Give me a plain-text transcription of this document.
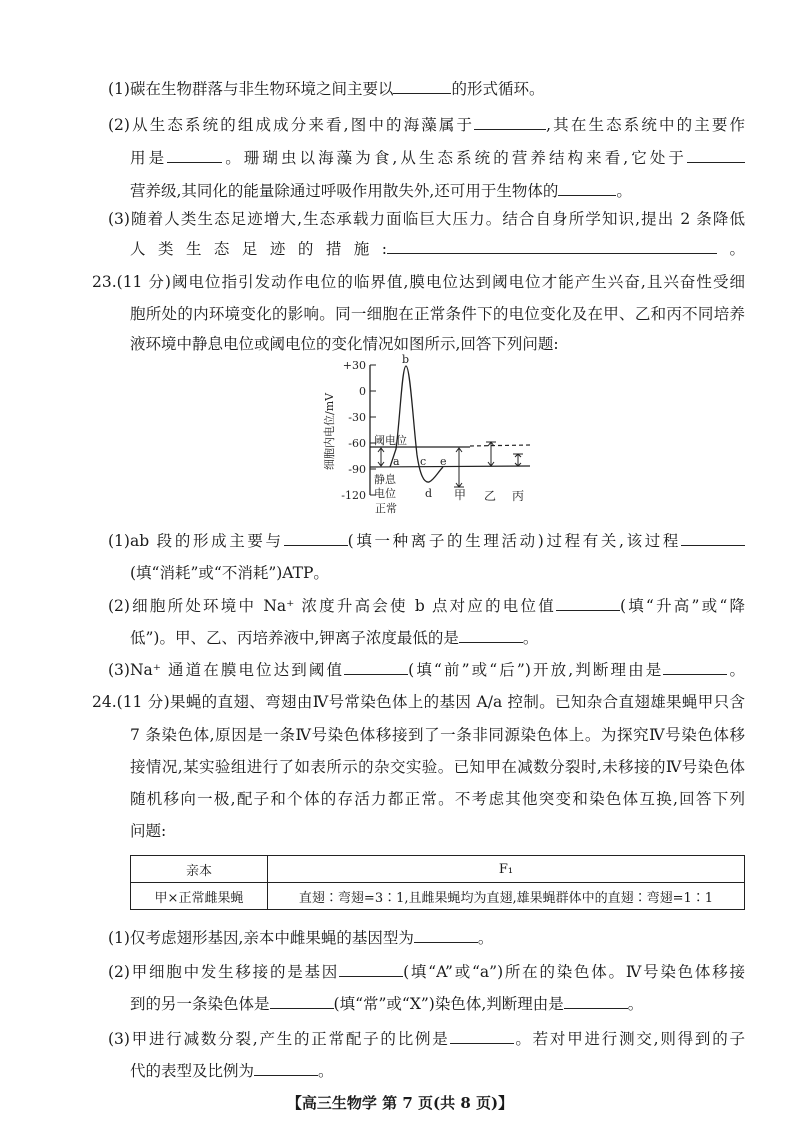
(1)碳在生物群落与非生物环境之间主要以	的形式循环。
(2)从生态系统的组成成分来看,图中的海藻属于	,其在生态系统中的主要作
用是	。珊瑚虫以海藻为食,从生态系统的营养结构来看,它处于
营养级,其同化的能量除通过呼吸作用散失外,还可用于生物体的	。
(3)随着人类生态足迹增大,生态承载力面临巨大压力。结合自身所学知识,提出 2 条降低
人类生态足迹的措施:	。
23.(11 分)阈电位指引发动作电位的临界值,膜电位达到阈电位才能产生兴奋,且兴奋性受细
胞所处的内环境变化的影响。同一细胞在正常条件下的电位变化及在甲、乙和丙不同培养
液环境中静息电位或阈电位的变化情况如图所示,回答下列问题:
(1)ab 段的形成主要与	(填一种离子的生理活动)过程有关,该过程
(填“消耗”或“不消耗”)ATP。
(2)细胞所处环境中 Na⁺ 浓度升高会使 b 点对应的电位值	(填“升高”或“降
低”)。甲、乙、丙培养液中,钾离子浓度最低的是	。
(3)Na⁺ 通道在膜电位达到阈值	(填“前”或“后”)开放,判断理由是	。
24.(11 分)果蝇的直翅、弯翅由Ⅳ号常染色体上的基因 A/a 控制。已知杂合直翅雄果蝇甲只含
7 条染色体,原因是一条Ⅳ号染色体移接到了一条非同源染色体上。为探究Ⅳ号染色体移
接情况,某实验组进行了如表所示的杂交实验。已知甲在减数分裂时,未移接的Ⅳ号染色体
随机移向一极,配子和个体的存活力都正常。不考虑其他突变和染色体互换,回答下列
问题:
(1)仅考虑翅形基因,亲本中雌果蝇的基因型为	。
(2)甲细胞中发生移接的是基因	(填“A”或“a”)所在的染色体。Ⅳ号染色体移接
到的另一条染色体是	(填“常”或“X”)染色体,判断理由是	。
(3)甲进行减数分裂,产生的正常配子的比例是	。若对甲进行测交,则得到的子
代的表型及比例为	。
细胞内电位/mV
+30
0
-30
-60
-90
-120
阈电位
静息
电位
正常
a
b
c
d
e
甲 乙 丙
亲本	F₁
甲×正常雌果蝇	直翅∶弯翅=3∶1,且雌果蝇均为直翅,雄果蝇群体中的直翅∶弯翅=1∶1
【高三生物学 第 7 页(共 8 页)】
